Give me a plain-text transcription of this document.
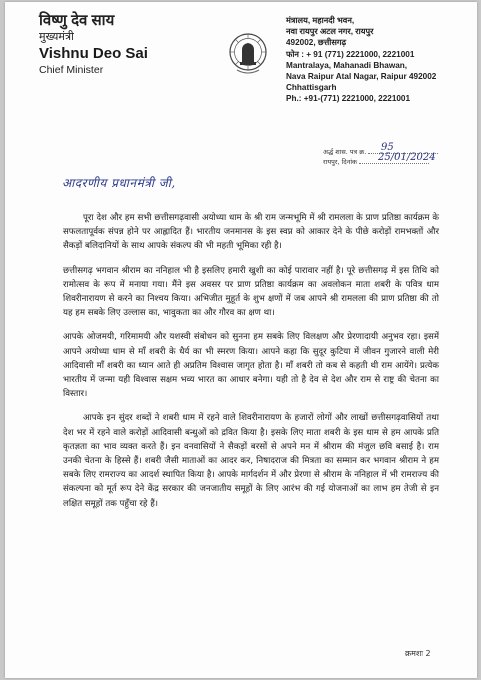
विष्णु देव साय
मुख्यमंत्री
Vishnu Deo Sai
Chief Minister
मंत्रालय, महानदी भवन,
नवा रायपुर अटल नगर, रायपुर
492002, छत्तीसगढ़
फोन : + 91 (771) 2221000, 2221001
Mantralaya, Mahanadi Bhawan,
Nava Raipur Atal Nagar, Raipur 492002
Chhattisgarh
Ph.: +91-(771) 2221000, 2221001
अर्द्ध शास. पत्र क्र. 95
रायपुर, दिनांक 25/01/2024
आदरणीय प्रधानमंत्री जी,

पूरा देश और हम सभी छत्तीसगढ़वासी अयोध्या धाम के श्री राम जन्मभूमि में श्री रामलला के प्राण प्रतिष्ठा कार्यक्रम के सफलतापूर्वक संपन्न होने पर आह्लादित हैं। भारतीय जनमानस के इस स्वप्न को आकार देने के पीछे करोड़ों रामभक्तों और सैकड़ों बलिदानियों के साथ आपके संकल्प की भी महती भूमिका रही है।

छत्तीसगढ़ भगवान श्रीराम का ननिहाल भी है इसलिए हमारी खुशी का कोई पारावार नहीं है। पूरे छत्तीसगढ़ में इस तिथि को रामोत्सव के रूप में मनाया गया। मैंने इस अवसर पर प्राण प्रतिष्ठा कार्यक्रम का अवलोकन माता शबरी के पवित्र धाम शिवरीनारायण से करने का निश्चय किया। अभिजीत मुहूर्त के शुभ क्षणों में जब आपने श्री रामलला की प्राण प्रतिष्ठा की तो यह हम सबके लिए उल्लास का, भावुकता का और गौरव का क्षण था।

आपके ओजमयी, गरिमामयी और यशस्वी संबोधन को सुनना हम सबके लिए विलक्षण और प्रेरणादायी अनुभव रहा। इसमें आपने अयोध्या धाम से माँ शबरी के धैर्य का भी स्मरण किया। आपने कहा कि सुदूर कुटिया में जीवन गुजारने वाली मेरी आदिवासी माँ शबरी का ध्यान आते ही अप्रतिम विश्वास जागृत होता है। माँ शबरी तो कब से कहती थी राम आयेंगे। प्रत्येक भारतीय में जन्मा यही विश्वास सक्षम भव्य भारत का आधार बनेगा। यही तो है देव से देश और राम से राष्ट्र की चेतना का विस्तार।

आपके इन सुंदर शब्दों ने शबरी धाम में रहने वाले शिवरीनारायण के हजारों लोगों और लाखों छत्तीसगढ़वासियों तथा देश भर में रहने वाले करोड़ों आदिवासी बन्धुओं को द्रवित किया है। इसके लिए माता शबरी के इस धाम से हम आपके प्रति कृतज्ञता का भाव व्यक्त करते हैं। इन वनवासियों ने सैकड़ों बरसों से अपने मन में श्रीराम की मंजुल छवि बसाई है। राम उनकी चेतना के हिस्से हैं। शबरी जैसी माताओं का आदर कर, निषादराज की मित्रता का सम्मान कर भगवान श्रीराम ने हम सबके लिए रामराज्य का आदर्श स्थापित किया है। आपके मार्गदर्शन में और प्रेरणा से श्रीराम के ननिहाल में भी रामराज्य की संकल्पना को मूर्त रूप देने केंद्र सरकार की जनजातीय समूहों के लिए आरंभ की गई योजनाओं का लाभ हम तेजी से इन लक्षित समूहों तक पहुँचा रहे हैं।

क्रमशः 2
